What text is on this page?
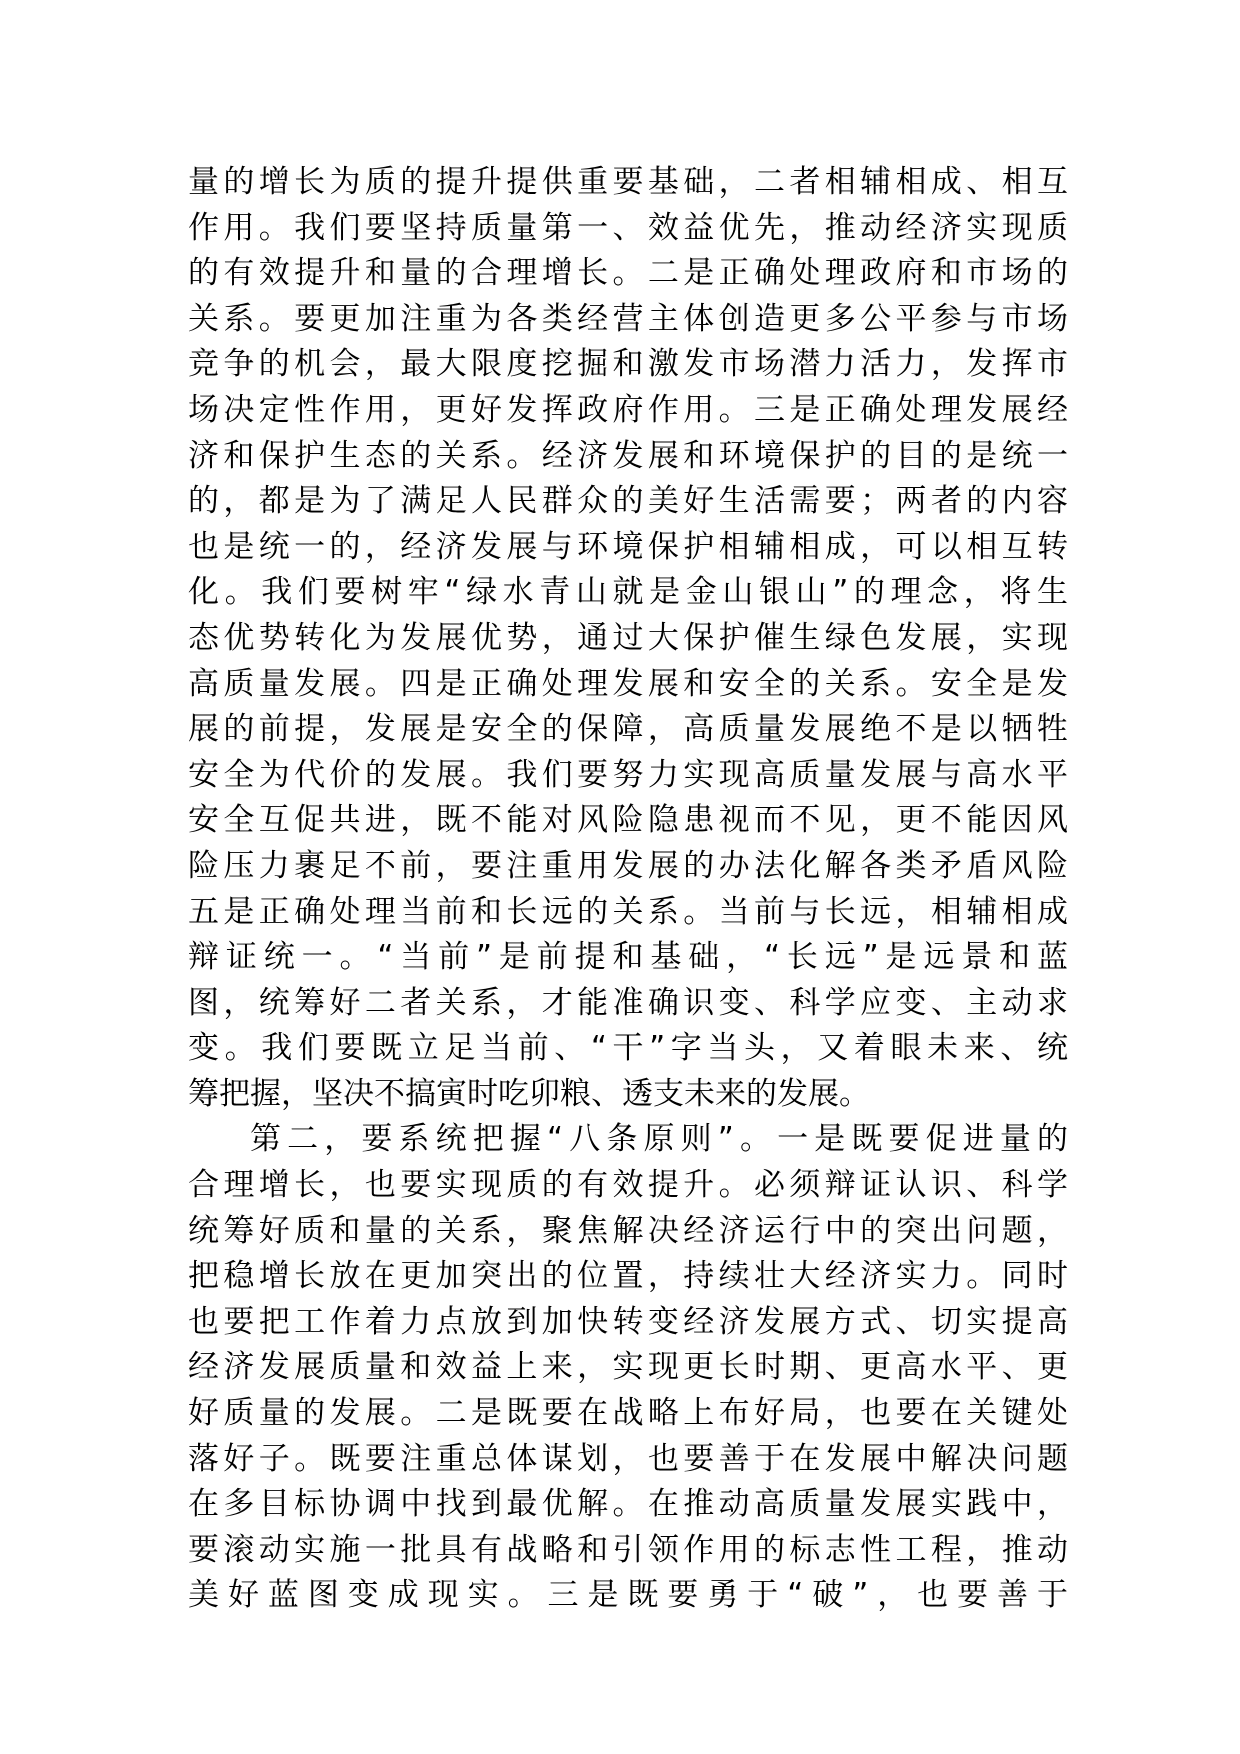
量的增长为质的提升提供重要基础，二者相辅相成、相互
作用。我们要坚持质量第一、效益优先，推动经济实现质
的有效提升和量的合理增长。二是正确处理政府和市场的
关系。要更加注重为各类经营主体创造更多公平参与市场
竞争的机会，最大限度挖掘和激发市场潜力活力，发挥市
场决定性作用，更好发挥政府作用。三是正确处理发展经
济和保护生态的关系。经济发展和环境保护的目的是统一
的，都是为了满足人民群众的美好生活需要；两者的内容
也是统一的，经济发展与环境保护相辅相成，可以相互转
化。我们要树牢“绿水青山就是金山银山”的理念，将生
态优势转化为发展优势，通过大保护催生绿色发展，实现
高质量发展。四是正确处理发展和安全的关系。安全是发
展的前提，发展是安全的保障，高质量发展绝不是以牺牲
安全为代价的发展。我们要努力实现高质量发展与高水平
安全互促共进，既不能对风险隐患视而不见，更不能因风
险压力裹足不前，要注重用发展的办法化解各类矛盾风险
五是正确处理当前和长远的关系。当前与长远，相辅相成
辩证统一。“当前”是前提和基础，“长远”是远景和蓝
图，统筹好二者关系，才能准确识变、科学应变、主动求
变。我们要既立足当前、“干”字当头，又着眼未来、统
筹把握，坚决不搞寅时吃卯粮、透支未来的发展。
第二，要系统把握“八条原则”。一是既要促进量的
合理增长，也要实现质的有效提升。必须辩证认识、科学
统筹好质和量的关系，聚焦解决经济运行中的突出问题，
把稳增长放在更加突出的位置，持续壮大经济实力。同时
也要把工作着力点放到加快转变经济发展方式、切实提高
经济发展质量和效益上来，实现更长时期、更高水平、更
好质量的发展。二是既要在战略上布好局，也要在关键处
落好子。既要注重总体谋划，也要善于在发展中解决问题
在多目标协调中找到最优解。在推动高质量发展实践中，
要滚动实施一批具有战略和引领作用的标志性工程，推动
美好蓝图变成现实。三是既要勇于“破”，也要善于
